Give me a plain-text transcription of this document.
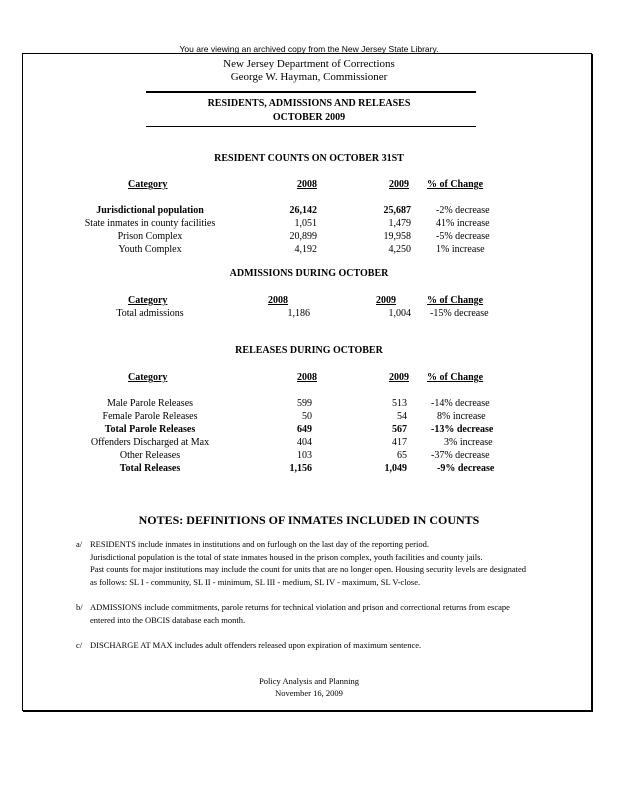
You are viewing an archived copy from the New Jersey State Library.
New Jersey Department of Corrections
George W. Hayman, Commissioner
RESIDENTS, ADMISSIONS AND RELEASES
OCTOBER 2009
RESIDENT COUNTS ON OCTOBER 31ST
Category	2008	2009 % of Change
Jurisdictional population	26,142	25,687	-2% decrease
State inmates in county facilities	1,051	1,479	41% increase
Prison Complex	20,899	19,958	-5% decrease
Youth Complex	4,192	4,250	1% increase
ADMISSIONS DURING OCTOBER
Category	2008	2009	% of Change
Total admissions	1,186	1,004 -15% decrease
RELEASES DURING OCTOBER
Category	2008	2009 % of Change
Male Parole Releases	599	513 -14% decrease
Female Parole Releases	50	54	8% increase
Total Parole Releases	649	567 -13% decrease
Offenders Discharged at Max	404	417	3% increase
Other Releases	103	65 -37% decrease
Total Releases	1,156	1,049	-9% decrease
NOTES: DEFINITIONS OF INMATES INCLUDED IN COUNTS
a/ RESIDENTS include inmates in institutions and on furlough on the last day of the reporting period.
Jurisdictional population is the total of state inmates housed in the prison complex, youth facilities and county jails.
Past counts for major institutions may include the count for units that are no longer open. Housing security levels are designated
as follows: SL I - community, SL II - minimum, SL III - medium, SL IV - maximum, SL V-close.
b/ ADMISSIONS include commitments, parole returns for technical violation and prison and correctional returns from escape
entered into the OBCIS database each month.
c/ DISCHARGE AT MAX includes adult offenders released upon expiration of maximum sentence.
Policy Analysis and Planning
November 16, 2009
